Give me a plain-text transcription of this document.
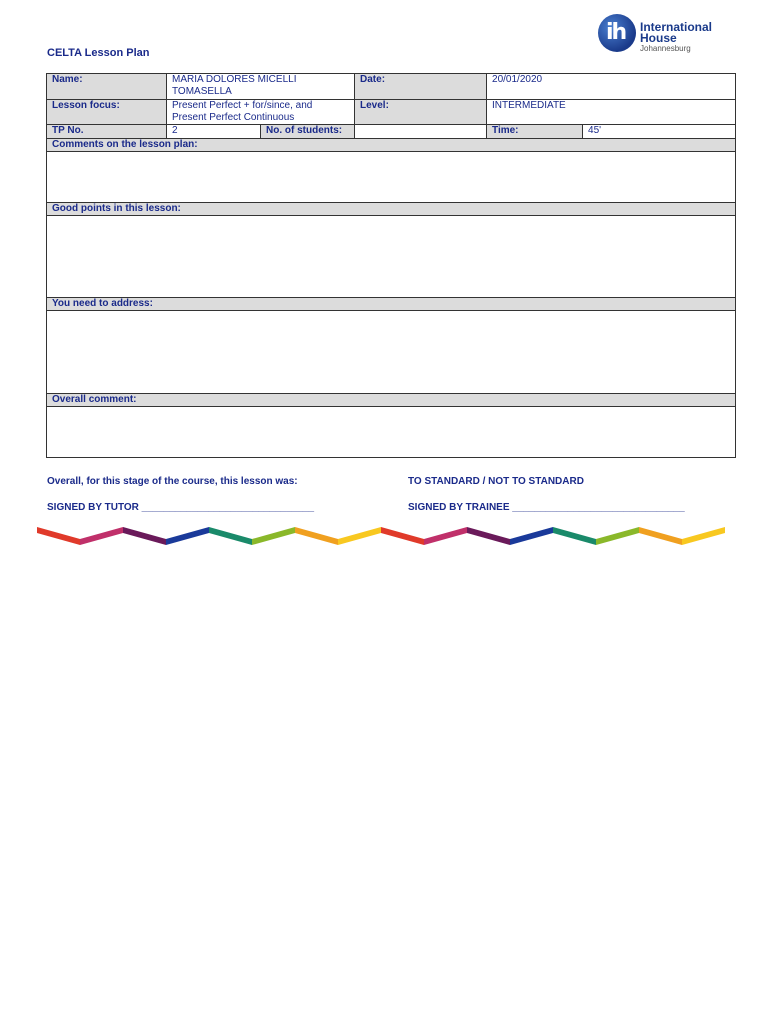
CELTA Lesson Plan
ih International
House
Johannesburg
Name:	MARIA DOLORES MICELLI TOMASELLA		Date:	20/01/2020	
Lesson focus:	Present Perfect + for/since, and Present Perfect Continuous		Level:	INTERMEDIATE	
TP No.	2	No. of students:		Time:	45'
Comments on the lesson plan:					

Good points in this lesson:					

You need to address:					

Overall comment:					

Overall, for this stage of the course, this lesson was:	TO STANDARD / NOT TO STANDARD
SIGNED BY TUTOR _______________________________	SIGNED BY TRAINEE _______________________________
